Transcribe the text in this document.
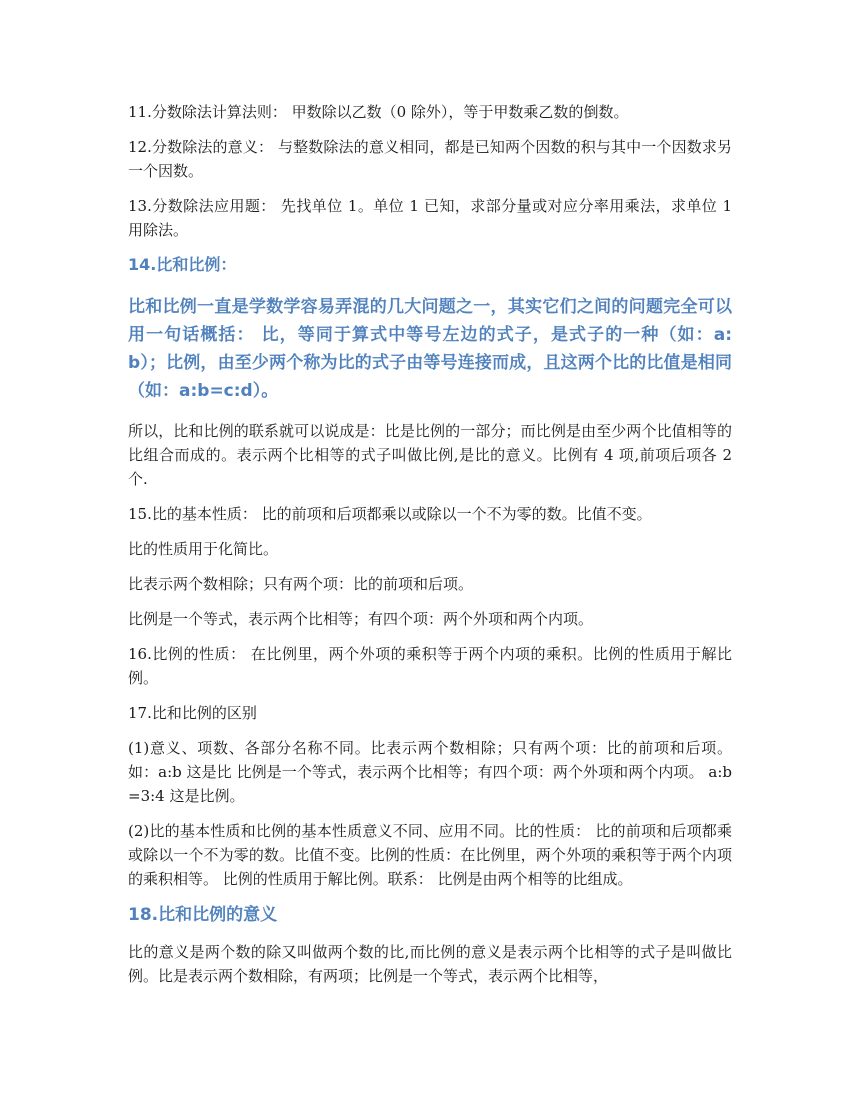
11.分数除法计算法则： 甲数除以乙数（0 除外），等于甲数乘乙数的倒数。

12.分数除法的意义： 与整数除法的意义相同，都是已知两个因数的积与其中一个因数求另一个因数。

13.分数除法应用题： 先找单位 1。单位 1 已知，求部分量或对应分率用乘法，求单位 1 用除法。

14.比和比例：
比和比例一直是学数学容易弄混的几大问题之一，其实它们之间的问题完全可以用一句话概括： 比，等同于算式中等号左边的式子，是式子的一种（如：a:b）；比例，由至少两个称为比的式子由等号连接而成，且这两个比的比值是相同（如：a:b=c:d）。

所以，比和比例的联系就可以说成是：比是比例的一部分；而比例是由至少两个比值相等的比组合而成的。表示两个比相等的式子叫做比例,是比的意义。比例有 4 项,前项后项各 2 个.

15.比的基本性质： 比的前项和后项都乘以或除以一个不为零的数。比值不变。

比的性质用于化简比。

比表示两个数相除；只有两个项：比的前项和后项。

比例是一个等式，表示两个比相等；有四个项：两个外项和两个内项。

16.比例的性质： 在比例里，两个外项的乘积等于两个内项的乘积。比例的性质用于解比例。

17.比和比例的区别

(1)意义、项数、各部分名称不同。比表示两个数相除；只有两个项：比的前项和后项。 如：a:b 这是比 比例是一个等式，表示两个比相等；有四个项：两个外项和两个内项。 a:b=3:4 这是比例。

(2)比的基本性质和比例的基本性质意义不同、应用不同。比的性质： 比的前项和后项都乘或除以一个不为零的数。比值不变。比例的性质：在比例里，两个外项的乘积等于两个内项的乘积相等。 比例的性质用于解比例。联系： 比例是由两个相等的比组成。

18.比和比例的意义

比的意义是两个数的除又叫做两个数的比,而比例的意义是表示两个比相等的式子是叫做比例。比是表示两个数相除，有两项；比例是一个等式，表示两个比相等，
